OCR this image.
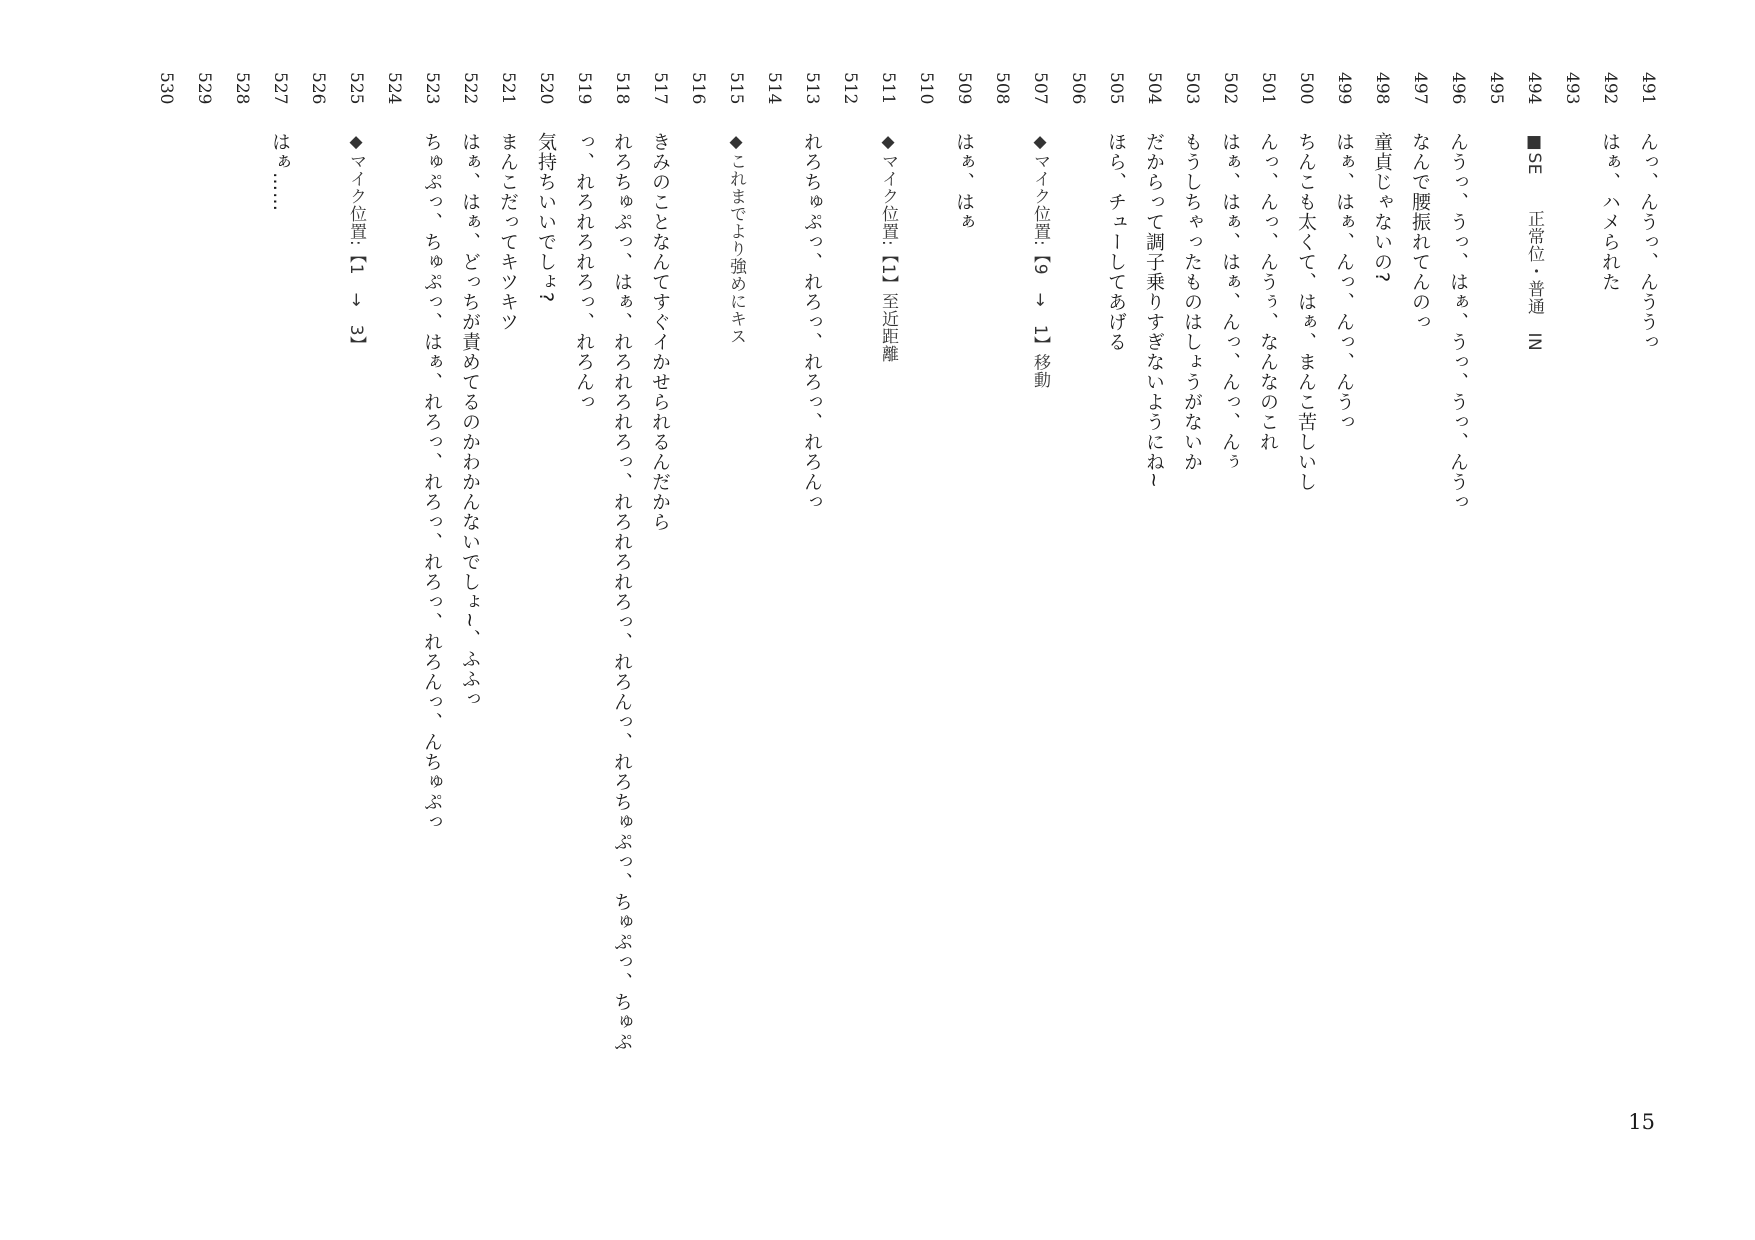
491
んっ、んうっ、んううっ
492
はぁ、ハメられた
493
494
■SE　　正常位・普通　IN
495
496
んうっ、うっ、はぁ、うっ、うっ、んうっ
497
なんで腰振れてんのっ
498
童貞じゃないの?
499
はぁ、はぁ、んっ、んっ、んうっ
500
ちんこも太くて、はぁ、まんこ苦しいし
501
んっ、んっ、んうぅ、なんなのこれ
502
はぁ、はぁ、はぁ、んっ、んっ、んぅ
503
もうしちゃったものはしょうがないか
504
だからって調子乗りすぎないようにね~
505
ほら、チューしてあげる
506
507
◆マイク位置:【9　→　1】移動
508
509
はぁ、はぁ
510
511
◆マイク位置:【1】至近距離
512
513
れろちゅぷっ、れろっ、れろっ、れろんっ
514
515
◆これまでより強めにキス
516
517
きみのことなんてすぐイかせられるんだから
518
れろちゅぷっ、はぁ、れろれろれろっ、れろれろれろっ、れろんっ、れろちゅぷっ、ちゅぷっ、ちゅぷ
519
っ、れろれろれろっ、れろんっ
520
気持ちいいでしょ?
521
まんこだってキツキツ
522
はぁ、はぁ、どっちが責めてるのかわかんないでしょ~、ふふっ
523
ちゅぷっ、ちゅぷっ、はぁ、れろっ、れろっ、れろっ、れろんっ、んちゅぷっ
524
525
◆マイク位置:【1　→　3】
526
527
はぁ……
528
529
530
15
